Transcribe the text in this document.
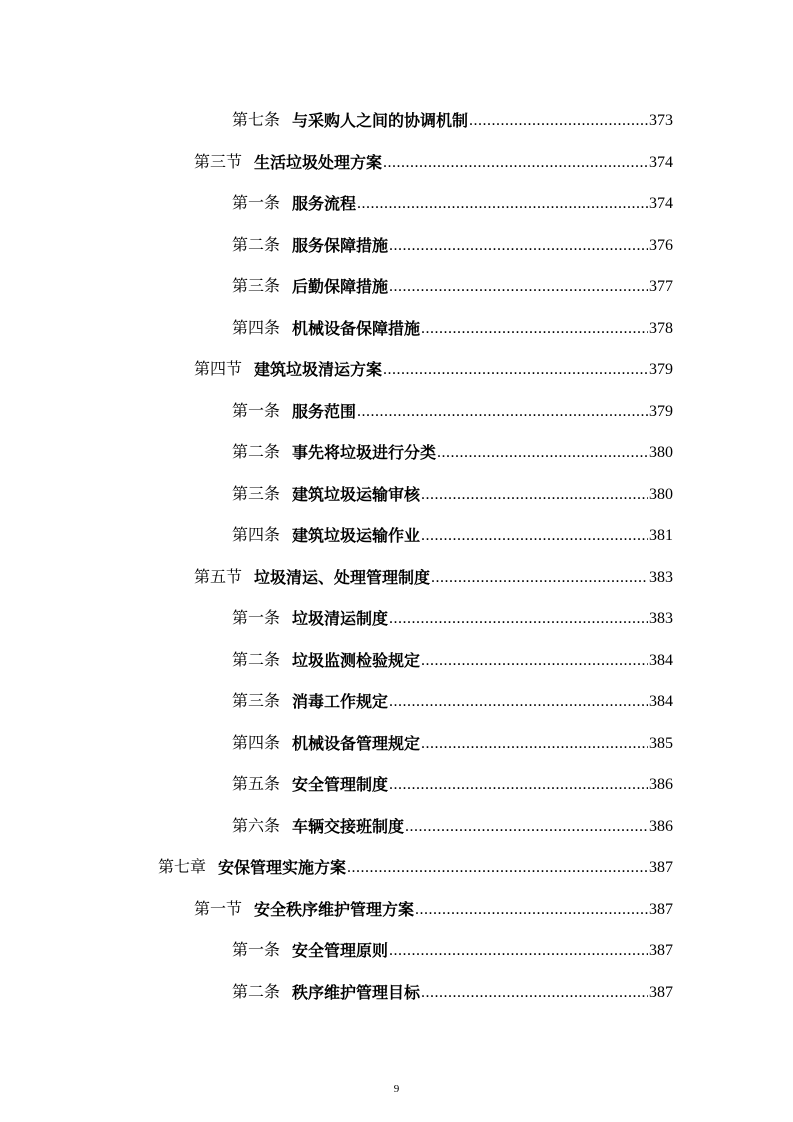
第七条 与采购人之间的协调机制 .....	373
第三节 生活垃圾处理方案 .....	374
第一条 服务流程 .....	374
第二条 服务保障措施 .....	376
第三条 后勤保障措施 .....	377
第四条 机械设备保障措施 .....	378
第四节 建筑垃圾清运方案 .....	379
第一条 服务范围 .....	379
第二条 事先将垃圾进行分类 .....	380
第三条 建筑垃圾运输审核 .....	380
第四条 建筑垃圾运输作业 .....	381
第五节 垃圾清运、处理管理制度 .....	383
第一条 垃圾清运制度 .....	383
第二条 垃圾监测检验规定 .....	384
第三条 消毒工作规定 .....	384
第四条 机械设备管理规定 .....	385
第五条 安全管理制度 .....	386
第六条 车辆交接班制度 .....	386
第七章 安保管理实施方案 .....	387
第一节 安全秩序维护管理方案 .....	387
第一条 安全管理原则 .....	387
第二条 秩序维护管理目标 .....	387
9
